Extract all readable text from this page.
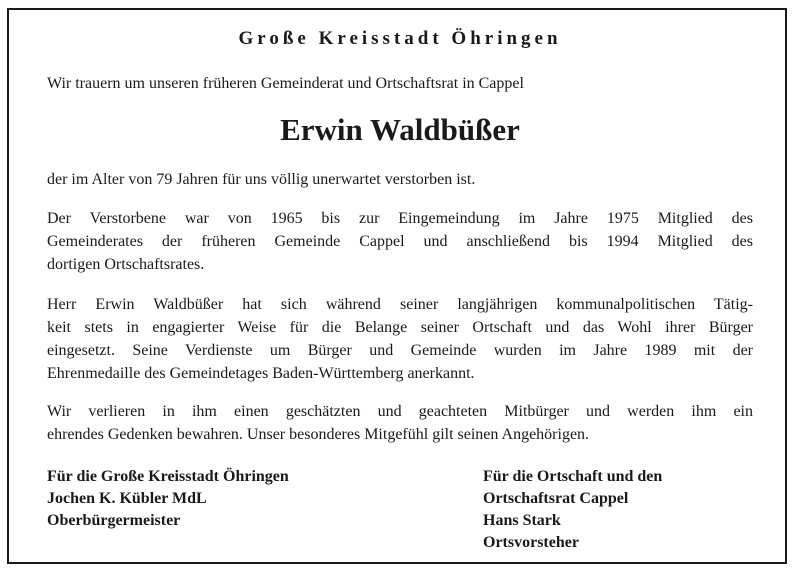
Große Kreisstadt Öhringen
Wir trauern um unseren früheren Gemeinderat und Ortschaftsrat in Cappel
Erwin Waldbüßer
der im Alter von 79 Jahren für uns völlig unerwartet verstorben ist.
Der Verstorbene war von 1965 bis zur Eingemeindung im Jahre 1975 Mitglied des
Gemeinderates der früheren Gemeinde Cappel und anschließend bis 1994 Mitglied des
dortigen Ortschaftsrates.
Herr Erwin Waldbüßer hat sich während seiner langjährigen kommunalpolitischen Tätig-
keit stets in engagierter Weise für die Belange seiner Ortschaft und das Wohl ihrer Bürger
eingesetzt. Seine Verdienste um Bürger und Gemeinde wurden im Jahre 1989 mit der
Ehrenmedaille des Gemeindetages Baden-Württemberg anerkannt.
Wir verlieren in ihm einen geschätzten und geachteten Mitbürger und werden ihm ein
ehrendes Gedenken bewahren. Unser besonderes Mitgefühl gilt seinen Angehörigen.
Für die Große Kreisstadt Öhringen
Jochen K. Kübler MdL
Oberbürgermeister
Für die Ortschaft und den
Ortschaftsrat Cappel
Hans Stark
Ortsvorsteher
